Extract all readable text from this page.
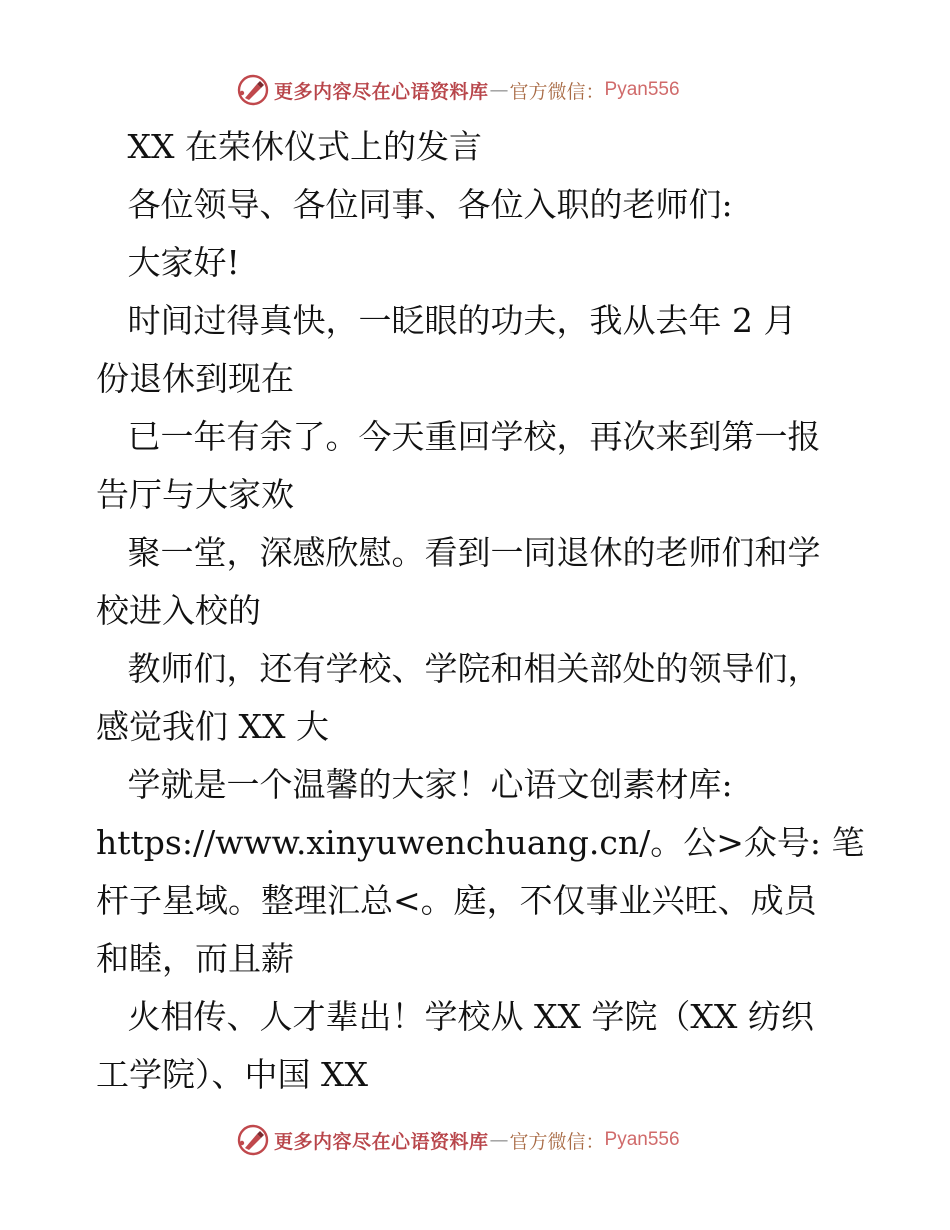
更多内容尽在心语资料库 — 官方微信： Pyan556
XX 在荣休仪式上的发言
各位领导、各位同事、各位入职的老师们:
大家好!
时间过得真快，一眨眼的功夫，我从去年 2 月
份退休到现在
已一年有余了。今天重回学校，再次来到第一报
告厅与大家欢
聚一堂，深感欣慰。看到一同退休的老师们和学
校进入校的
教师们，还有学校、学院和相关部处的领导们，
感觉我们 XX 大
学就是一个温馨的大家！心语文创素材库:
https://www.xinyuwenchuang.cn/。公>众号: 笔
杆子星域。整理汇总<。庭，不仅事业兴旺、成员
和睦，而且薪
火相传、人才辈出！学校从 XX 学院（XX 纺织
工学院）、中国 XX
更多内容尽在心语资料库 — 官方微信： Pyan556
